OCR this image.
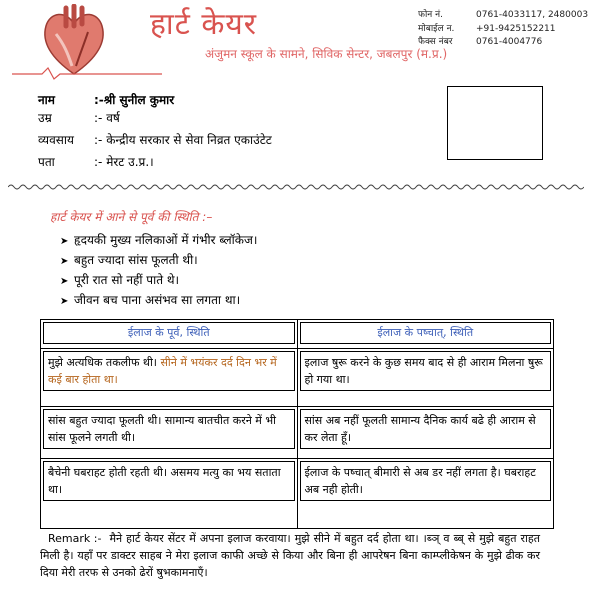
हार्ट केयर
अंजुमन स्कूल के सामने, सिविक सेन्टर, जबलपुर (म.प्र.)
फोन नं.	0761-4033117, 2480003
मोबाईल न. +91-9425152211
फैक्स नंबर	0761-4004776
नाम	:-श्री सुनील कुमार
उम्र	:- वर्ष
व्यवसाय :- केन्द्रीय सरकार से सेवा निव्रत एकाउंटेट
पता	:- मेरट उ.प्र.।
हार्ट केयर में आने से पूर्व की स्थिति :–
➤ हृदयकी मुख्य नलिकाओं में गंभीर ब्लॉकेज।
➤ बहुत ज्यादा सांस फूलती थी।
➤ पूरी रात सो नहीं पाते थे।
➤ जीवन बच पाना असंभव सा लगता था।
ईलाज के पूर्व, स्थिति	ईलाज के पष्चात्, स्थिति

मुझे अत्यधिक तकलीफ थी। सीने में भयंकर दर्द दिन भर में कई बार होता था।	इलाज षुरू करने के कुछ समय बाद से ही आराम मिलना षुरू हो गया था।

सांस बहुत ज्यादा फूलती थी। सामान्य बातचीत करने में भी सांस फूलने लगती थी।	सांस अब नहीं फूलती सामान्य दैनिक कार्य बढे ही आराम से कर लेता हूँ।

बैचेनी घबराहट होती रहती थी। असमय मत्यु का भय सताता था।	ईलाज के पष्चात् बीमारी से अब डर नहीं लगता है। घबराहट अब नही होती।
Remark :- मैने हार्ट केयर सेंटर में अपना इलाज करवाया। मुझे सीने में बहुत दर्द होता था। ।ब्ञ् व ब्ब् से मुझे बहुत राहत मिली है। यहाँ पर डाक्टर साहब ने मेरा इलाज काफी अच्छे से किया और बिना ही आपरेषन बिना काम्प्लीकेषन के मुझे ढीक कर दिया मेरी तरफ से उनको ढेरों षुभकामनाएँ।
